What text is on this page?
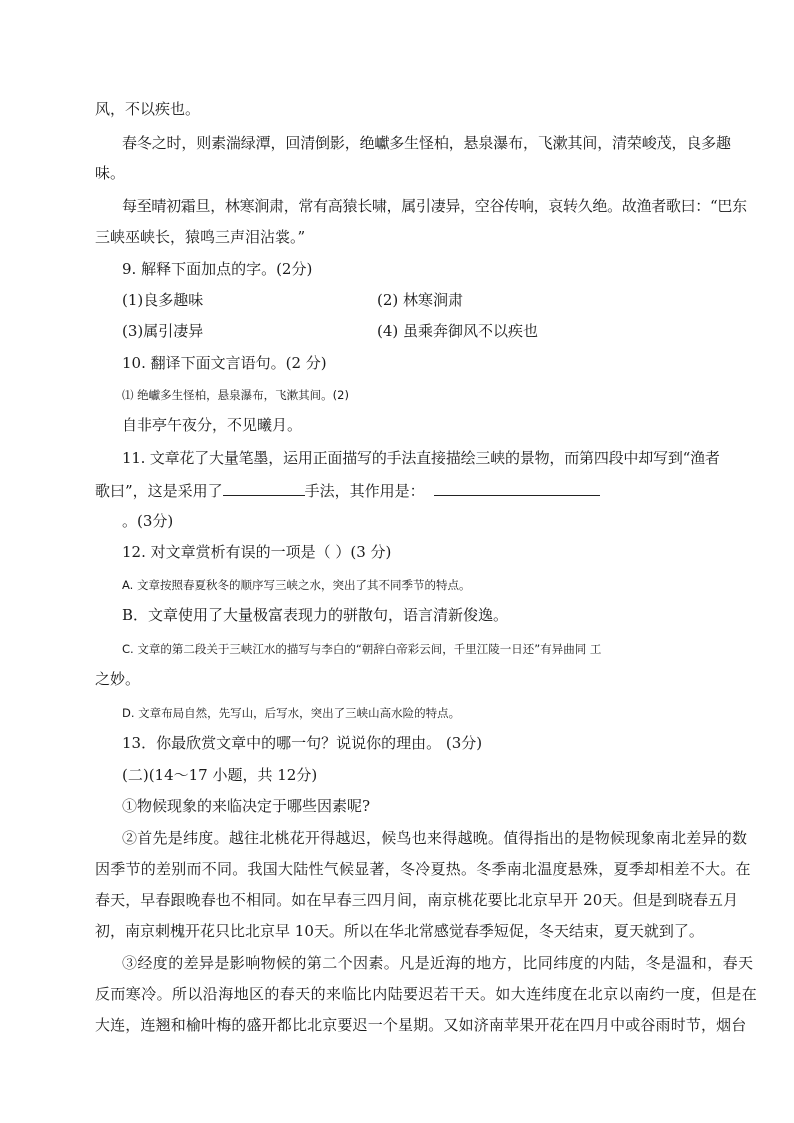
风，不以疾也。
春冬之时，则素湍绿潭，回清倒影，绝巘多生怪柏，悬泉瀑布，飞漱其间，清荣峻茂，良多趣
味。
每至晴初霜旦，林寒涧肃，常有高猿长啸，属引凄异，空谷传响，哀转久绝。故渔者歌曰：“巴东
三峡巫峡长，猿鸣三声泪沾裳。”
9. 解释下面加点的字。(2分)
(1)良多趣味	(2) 林寒涧肃
(3)属引凄异	(4) 虽乘奔御风不以疾也
10. 翻译下面文言语句。(2 分)
⑴ 绝巘多生怪柏，悬泉瀑布，飞漱其间。(2)
自非亭午夜分，不见曦月。
11. 文章花了大量笔墨，运用正面描写的手法直接描绘三峡的景物，而第四段中却写到“渔者
歌曰”，这是采用了	手法，其作用是：
。(3分)
12. 对文章赏析有误的一项是（ ）(3 分)
A. 文章按照春夏秋冬的顺序写三峡之水，突出了其不同季节的特点。
B．文章使用了大量极富表现力的骈散句，语言清新俊逸。
C. 文章的第二段关于三峡江水的描写与李白的“朝辞白帝彩云间，千里江陵一日还”有异曲同 工
之妙。
D. 文章布局自然，先写山，后写水，突出了三峡山高水险的特点。
13．你最欣赏文章中的哪一句？说说你的理由。 (3分)
(二)(14～17 小题，共 12分)
①物候现象的来临决定于哪些因素呢?
②首先是纬度。越往北桃花开得越迟，候鸟也来得越晚。值得指出的是物候现象南北差异的数
因季节的差别而不同。我国大陆性气候显著，冬冷夏热。冬季南北温度悬殊，夏季却相差不大。在
春天，早春跟晚春也不相同。如在早春三四月间，南京桃花要比北京早开 20天。但是到晓春五月
初，南京刺槐开花只比北京早 10天。所以在华北常感觉春季短促，冬天结束，夏天就到了。
③经度的差异是影响物候的第二个因素。凡是近海的地方，比同纬度的内陆，冬是温和，春天
反而寒冷。所以沿海地区的春天的来临比内陆要迟若干天。如大连纬度在北京以南约一度，但是在
大连，连翘和榆叶梅的盛开都比北京要迟一个星期。又如济南苹果开花在四月中或谷雨时节，烟台
